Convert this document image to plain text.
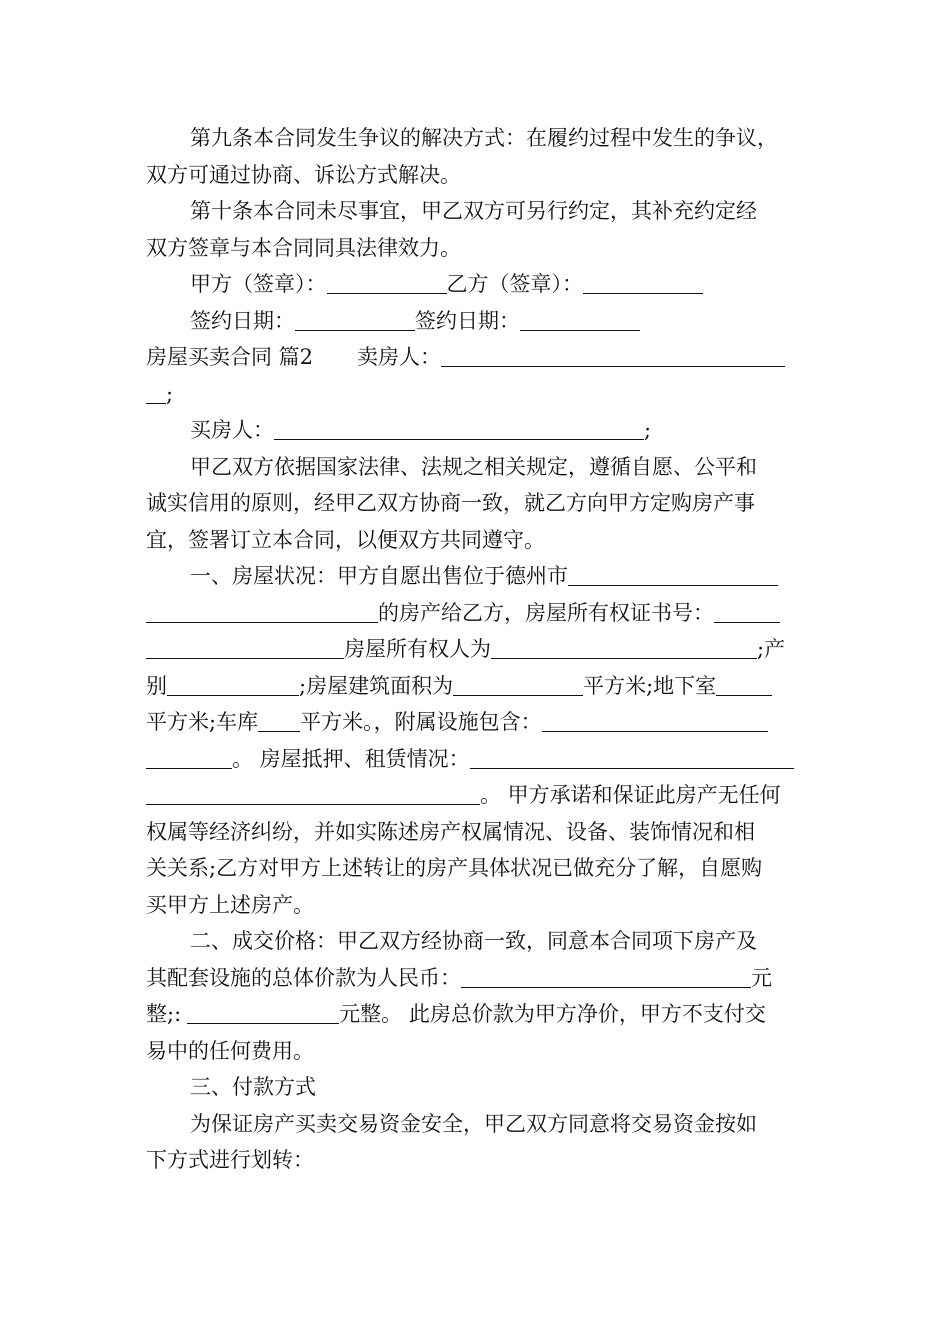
第九条本合同发生争议的解决方式：在履约过程中发生的争议，
双方可通过协商、诉讼方式解决。
第十条本合同未尽事宜，甲乙双方可另行约定，其补充约定经
双方签章与本合同同具法律效力。
甲方（签章）：	乙方（签章）：
签约日期：	签约日期：
房屋买卖合同 篇2 卖房人：
;
买房人：	;
甲乙双方依据国家法律、法规之相关规定，遵循自愿、公平和
诚实信用的原则，经甲乙双方协商一致，就乙方向甲方定购房产事
宜，签署订立本合同，以便双方共同遵守。
一、房屋状况：甲方自愿出售位于德州市
的房产给乙方，房屋所有权证书号：
房屋所有权人为	;产
别	;房屋建筑面积为	平方米;地下室
平方米;车库 平方米。，附属设施包含：
。 房屋抵押、租赁情况：
。 甲方承诺和保证此房产无任何
权属等经济纠纷，并如实陈述房产权属情况、设备、装饰情况和相
关关系;乙方对甲方上述转让的房产具体状况已做充分了解，自愿购
买甲方上述房产。
二、成交价格：甲乙双方经协商一致，同意本合同项下房产及
其配套设施的总体价款为人民币：	元
整;:	元整。 此房总价款为甲方净价，甲方不支付交
易中的任何费用。
三、付款方式
为保证房产买卖交易资金安全，甲乙双方同意将交易资金按如
下方式进行划转：
